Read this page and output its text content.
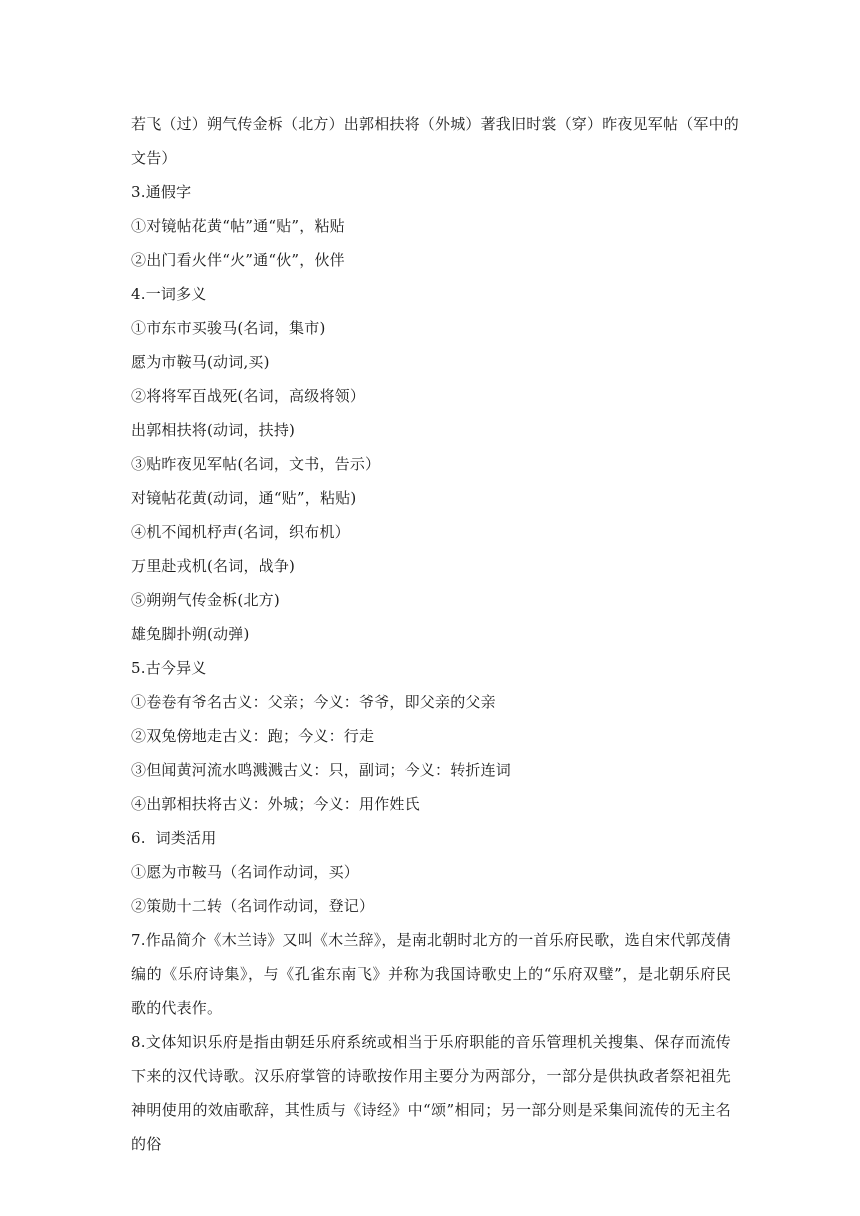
若飞（过）朔气传金柝（北方）出郭相扶将（外城）著我旧时裳（穿）昨夜见军帖（军中的
文告）
3.通假字
①对镜帖花黄“帖”通“贴”，粘贴
②出门看火伴“火”通“伙”，伙伴
4.一词多义
①市东市买骏马(名词，集市)
愿为市鞍马(动词,买)
②将将军百战死(名词，高级将领）
出郭相扶将(动词，扶持)
③贴昨夜见军帖(名词，文书，告示）
对镜帖花黄(动词，通“贴”，粘贴)
④机不闻机杼声(名词，织布机）
万里赴戎机(名词，战争)
⑤朔朔气传金柝(北方)
雄兔脚扑朔(动弹)
5.古今异义
①卷卷有爷名古义：父亲；今义：爷爷，即父亲的父亲
②双兔傍地走古义：跑；今义：行走
③但闻黄河流水鸣溅溅古义：只，副词；今义：转折连词
④出郭相扶将古义：外城；今义：用作姓氏
6.  词类活用
①愿为市鞍马（名词作动词，买）
②策勋十二转（名词作动词，登记）
7.作品简介《木兰诗》又叫《木兰辞》，是南北朝时北方的一首乐府民歌，选自宋代郭茂倩编的《乐府诗集》，与《孔雀东南飞》并称为我国诗歌史上的“乐府双璧”，是北朝乐府民歌的代表作。
8.文体知识乐府是指由朝廷乐府系统或相当于乐府职能的音乐管理机关搜集、保存而流传下来的汉代诗歌。汉乐府掌管的诗歌按作用主要分为两部分，一部分是供执政者祭祀祖先神明使用的效庙歌辞，其性质与《诗经》中“颂”相同；另一部分则是采集间流传的无主名的俗
